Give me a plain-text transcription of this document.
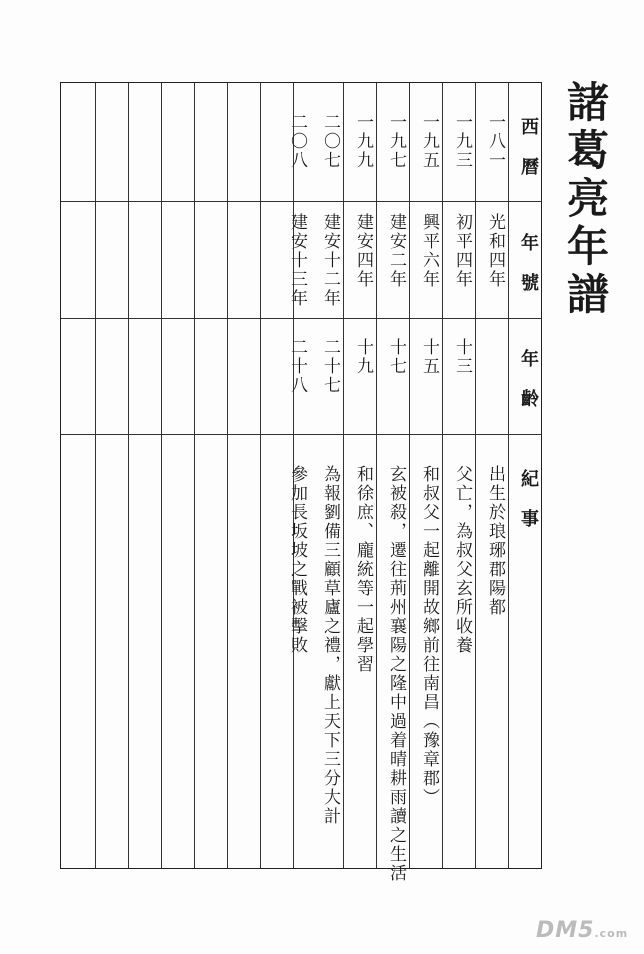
諸葛亮年譜
西曆
年號
年齡
紀事
一八一
光和四年
出生於琅琊郡陽都
一九三
初平四年
十三
父亡，為叔父玄所收養
一九五
興平六年
十五
和叔父一起離開故鄉前往南昌︵豫章郡︶
一九七
建安二年
十七
玄被殺，遷往荊州襄陽之隆中過着晴耕雨讀之生活
一九九
建安四年
十九
和徐庶、龐統等一起學習
二〇七
建安十二年
二十七
為報劉備三顧草廬之禮，獻上天下三分大計
二〇八
建安十三年
二十八
參加長坂坡之戰被擊敗
DM5.com
